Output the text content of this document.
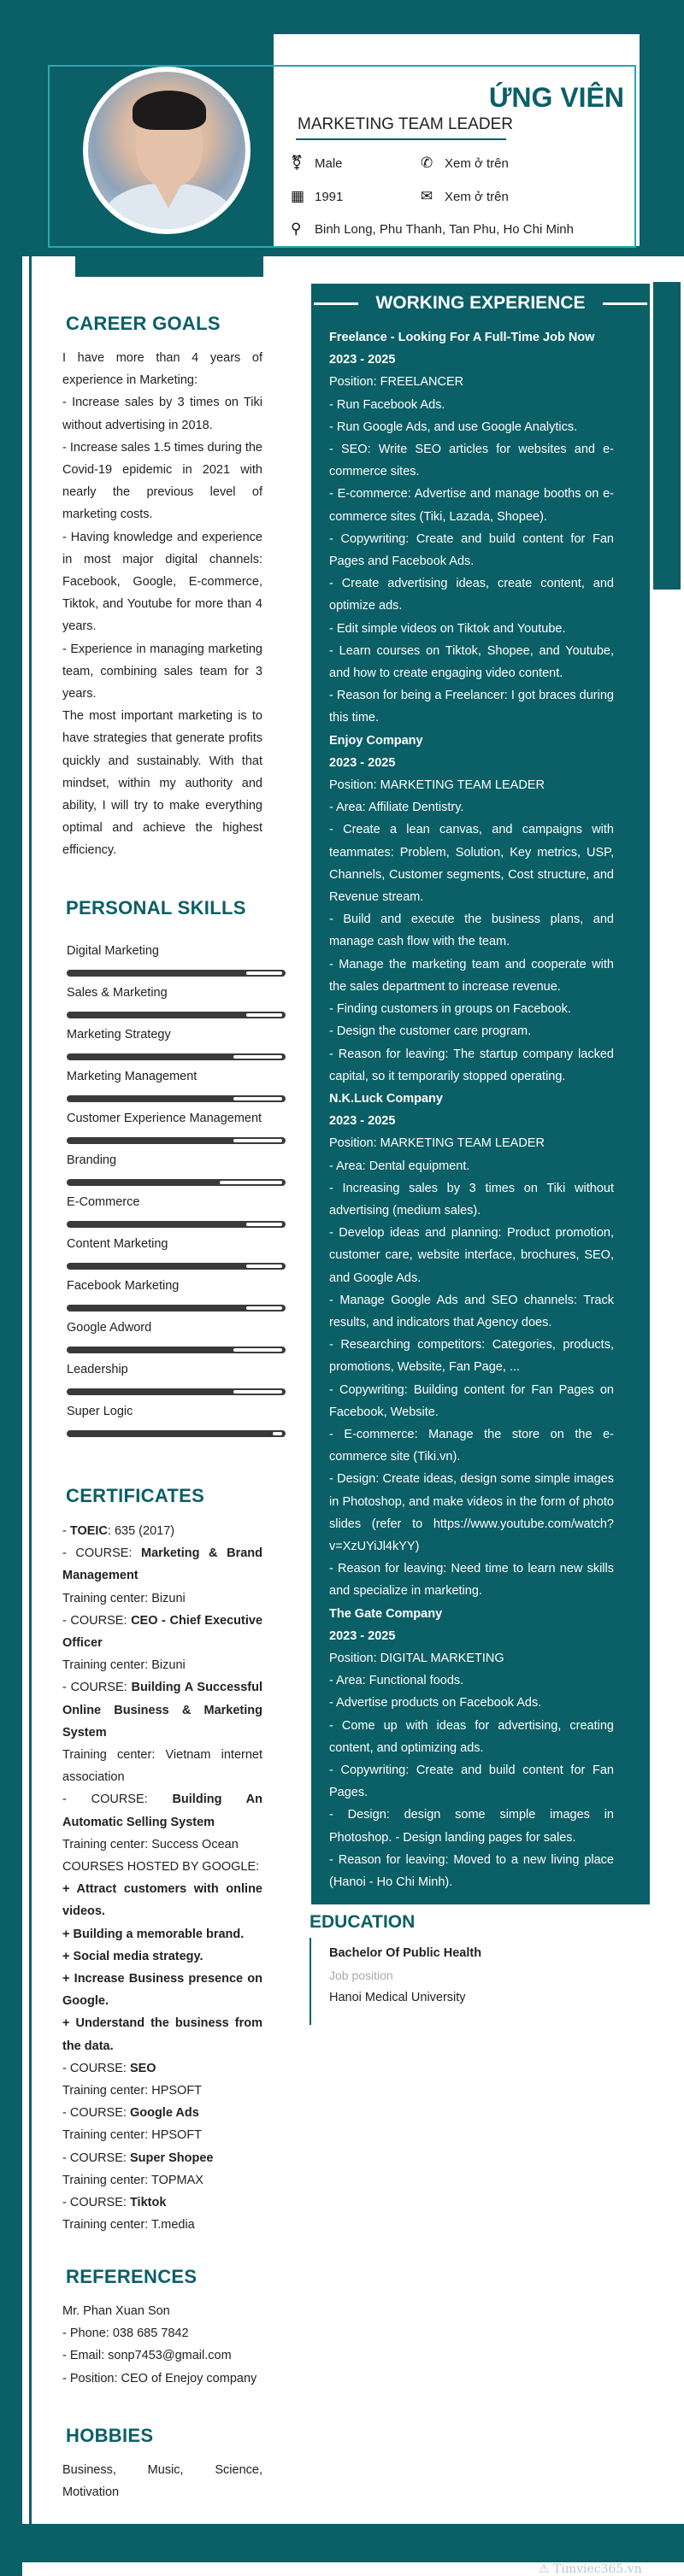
ỨNG VIÊN
MARKETING TEAM LEADER
⚧ Male	✆ Xem ở trên
▦ 1991	✉ Xem ở trên
⚲	Binh Long, Phu Thanh, Tan Phu, Ho Chi Minh
CAREER GOALS
I have more than 4 years of experience in Marketing:
- Increase sales by 3 times on Tiki without advertising in 2018.
- Increase sales 1.5 times during the Covid-19 epidemic in 2021 with nearly the previous level of marketing costs.
- Having knowledge and experience in most major digital channels: Facebook, Google, E-commerce, Tiktok, and Youtube for more than 4 years.
- Experience in managing marketing team, combining sales team for 3 years.
The most important marketing is to have strategies that generate profits quickly and sustainably. With that mindset, within my authority and ability, I will try to make everything optimal and achieve the highest efficiency.
PERSONAL SKILLS
Digital Marketing
Sales & Marketing
Marketing Strategy
Marketing Management
Customer Experience Management
Branding
E-Commerce
Content Marketing
Facebook Marketing
Google Adword
Leadership
Super Logic
CERTIFICATES
- TOEIC: 635 (2017)
- COURSE: Marketing & Brand Management
Training center: Bizuni
- COURSE: CEO - Chief Executive Officer
Training center: Bizuni
- COURSE: Building A Successful Online Business & Marketing System
Training center: Vietnam internet association
- COURSE: Building An Automatic Selling System
Training center: Success Ocean
COURSES HOSTED BY GOOGLE:
+ Attract customers with online videos.
+ Building a memorable brand.
+ Social media strategy.
+ Increase Business presence on Google.
+ Understand the business from the data.
- COURSE: SEO
Training center: HPSOFT
- COURSE: Google Ads
Training center: HPSOFT
- COURSE: Super Shopee
Training center: TOPMAX
- COURSE: Tiktok
Training center: T.media
REFERENCES
Mr. Phan Xuan Son
- Phone: 038 685 7842
- Email: sonp7453@gmail.com
- Position: CEO of Enejoy company
HOBBIES
Business, Music, Science, Motivation
WORKING EXPERIENCE
Freelance - Looking For A Full-Time Job Now
2023 - 2025
Position: FREELANCER
- Run Facebook Ads.
- Run Google Ads, and use Google Analytics.
- SEO: Write SEO articles for websites and e-commerce sites.
- E-commerce: Advertise and manage booths on e-commerce sites (Tiki, Lazada, Shopee).
- Copywriting: Create and build content for Fan Pages and Facebook Ads.
- Create advertising ideas, create content, and optimize ads.
- Edit simple videos on Tiktok and Youtube.
- Learn courses on Tiktok, Shopee, and Youtube, and how to create engaging video content.
- Reason for being a Freelancer: I got braces during this time.
Enjoy Company
2023 - 2025
Position: MARKETING TEAM LEADER
- Area: Affiliate Dentistry.
- Create a lean canvas, and campaigns with teammates: Problem, Solution, Key metrics, USP, Channels, Customer segments, Cost structure, and Revenue stream.
- Build and execute the business plans, and manage cash flow with the team.
- Manage the marketing team and cooperate with the sales department to increase revenue.
- Finding customers in groups on Facebook.
- Design the customer care program.
- Reason for leaving: The startup company lacked capital, so it temporarily stopped operating.
N.K.Luck Company
2023 - 2025
Position: MARKETING TEAM LEADER
- Area: Dental equipment.
- Increasing sales by 3 times on Tiki without advertising (medium sales).
- Develop ideas and planning: Product promotion, customer care, website interface, brochures, SEO, and Google Ads.
- Manage Google Ads and SEO channels: Track results, and indicators that Agency does.
- Researching competitors: Categories, products, promotions, Website, Fan Page, ...
- Copywriting: Building content for Fan Pages on Facebook, Website.
- E-commerce: Manage the store on the e-commerce site (Tiki.vn).
- Design: Create ideas, design some simple images in Photoshop, and make videos in the form of photo slides (refer to https://www.youtube.com/watch?v=XzUYiJl4kYY)
- Reason for leaving: Need time to learn new skills and specialize in marketing.
The Gate Company
2023 - 2025
Position: DIGITAL MARKETING
- Area: Functional foods.
- Advertise products on Facebook Ads.
- Come up with ideas for advertising, creating content, and optimizing ads.
- Copywriting: Create and build content for Fan Pages.
- Design: design some simple images in Photoshop. - Design landing pages for sales.
- Reason for leaving: Moved to a new living place (Hanoi - Ho Chi Minh).
EDUCATION
Bachelor Of Public Health
Job position
Hanoi Medical University
⚠ Timviec365.vn
